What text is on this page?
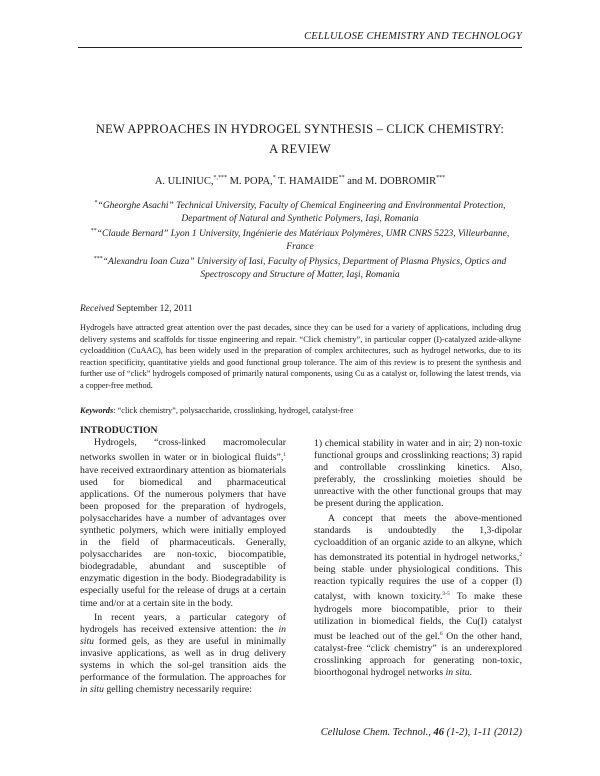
CELLULOSE CHEMISTRY AND TECHNOLOGY
NEW APPROACHES IN HYDROGEL SYNTHESIS – CLICK CHEMISTRY:
A REVIEW
A. ULINIUC,*,*** M. POPA,* T. HAMAIDE** and M. DOBROMIR***
*“Gheorghe Asachi” Technical University, Faculty of Chemical Engineering and Environmental Protection, Department of Natural and Synthetic Polymers, Iaşi, Romania
**“Claude Bernard” Lyon 1 University, Ingénierie des Matériaux Polymères, UMR CNRS 5223, Villeurbanne, France
***“Alexandru Ioan Cuza” University of Iasi, Faculty of Physics, Department of Plasma Physics, Optics and Spectroscopy and Structure of Matter, Iaşi, Romania
Received September 12, 2011
Hydrogels have attracted great attention over the past decades, since they can be used for a variety of applications, including drug delivery systems and scaffolds for tissue engineering and repair. “Click chemistry”, in particular copper (I)-catalyzed azide-alkyne cycloaddition (CuAAC), has been widely used in the preparation of complex architectures, such as hydrogel networks, due to its reaction specificity, quantitative yields and good functional group tolerance. The aim of this review is to present the synthesis and further use of “click” hydrogels composed of primarily natural components, using Cu as a catalyst or, following the latest trends, via a copper-free method.
Keywords: “click chemistry”, polysaccharide, crosslinking, hydrogel, catalyst-free
INTRODUCTION

Hydrogels, “cross-linked macromolecular networks swollen in water or in biological fluids”,$^1$ have received extraordinary attention as biomaterials used for biomedical and pharmaceutical applications. Of the numerous polymers that have been proposed for the preparation of hydrogels, polysaccharides have a number of advantages over synthetic polymers, which were initially employed in the field of pharmaceuticals. Generally, polysaccharides are non-toxic, biocompatible, biodegradable, abundant and susceptible of enzymatic digestion in the body. Biodegradability is especially useful for the release of drugs at a certain time and/or at a certain site in the body.

In recent years, a particular category of hydrogels has received extensive attention: the in situ formed gels, as they are useful in minimally invasive applications, as well as in drug delivery systems in which the sol-gel transition aids the performance of the formulation. The approaches for in situ gelling chemistry necessarily require:

1) chemical stability in water and in air; 2) non-toxic functional groups and crosslinking reactions; 3) rapid and controllable crosslinking kinetics. Also, preferably, the crosslinking moieties should be unreactive with the other functional groups that may be present during the application.

A concept that meets the above-mentioned standards is undoubtedly the 1,3-dipolar cycloaddition of an organic azide to an alkyne, which has demonstrated its potential in hydrogel networks,$^2$ being stable under physiological conditions. This reaction typically requires the use of a copper (I) catalyst, with known toxicity.$^{3-5}$ To make these hydrogels more biocompatible, prior to their utilization in biomedical fields, the Cu(I) catalyst must be leached out of the gel.$^6$ On the other hand, catalyst-free “click chemistry” is an underexplored crosslinking approach for generating non-toxic, bioorthogonal hydrogel networks in situ.

Cellulose Chem. Technol., 46 (1-2), 1-11 (2012)
